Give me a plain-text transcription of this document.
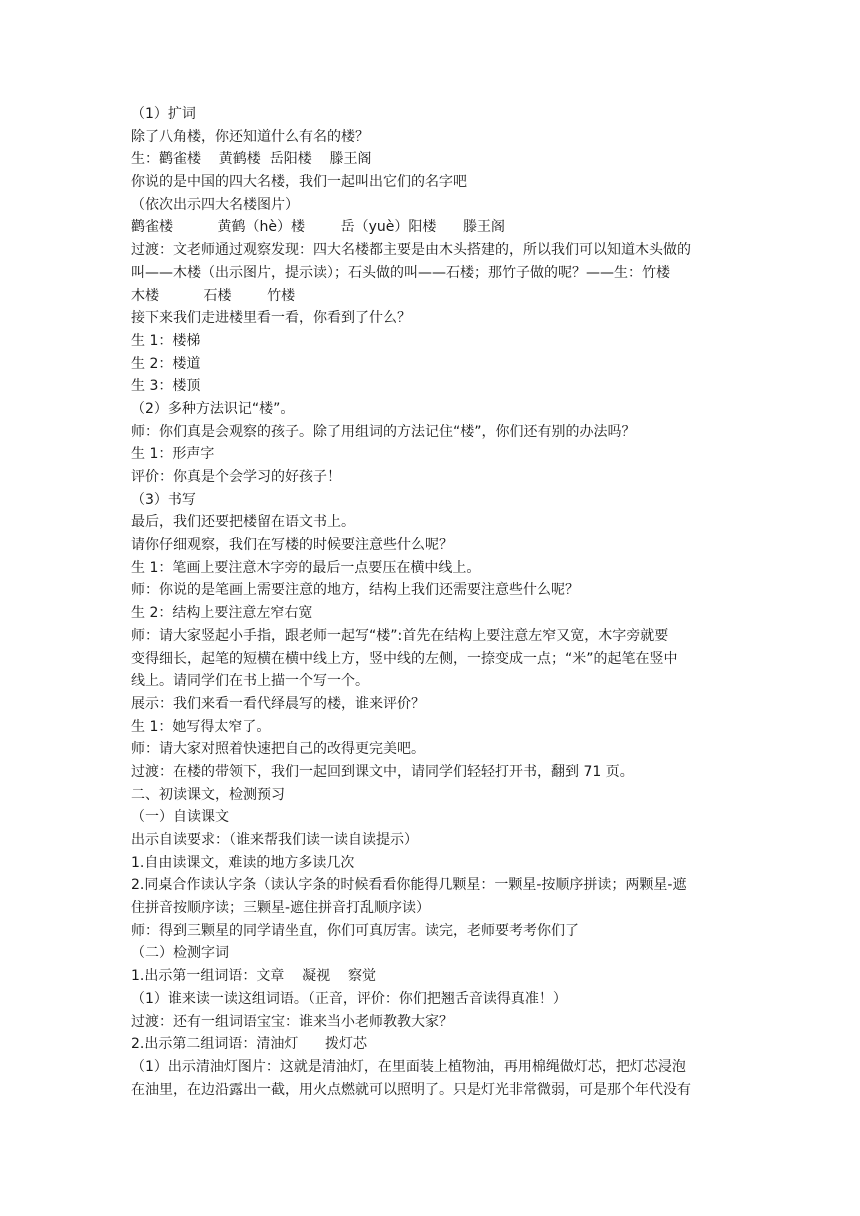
（1）扩词
除了八角楼，你还知道什么有名的楼？
生：鹳雀楼    黄鹤楼  岳阳楼    滕王阁
你说的是中国的四大名楼，我们一起叫出它们的名字吧
（依次出示四大名楼图片）
鹳雀楼          黄鹤（hè）楼        岳（yuè）阳楼      滕王阁
过渡：文老师通过观察发现：四大名楼都主要是由木头搭建的，所以我们可以知道木头做的
叫——木楼（出示图片，提示读）；石头做的叫——石楼；那竹子做的呢？——生：竹楼
木楼          石楼        竹楼
接下来我们走进楼里看一看，你看到了什么？
生 1：楼梯
生 2：楼道
生 3：楼顶
（2）多种方法识记“楼”。
师：你们真是会观察的孩子。除了用组词的方法记住“楼”，你们还有别的办法吗？
生 1：形声字
评价：你真是个会学习的好孩子！
（3）书写
最后，我们还要把楼留在语文书上。
请你仔细观察，我们在写楼的时候要注意些什么呢？
生 1：笔画上要注意木字旁的最后一点要压在横中线上。
师：你说的是笔画上需要注意的地方，结构上我们还需要注意些什么呢？
生 2：结构上要注意左窄右宽
师：请大家竖起小手指，跟老师一起写“楼”:首先在结构上要注意左窄又宽，木字旁就要
变得细长，起笔的短横在横中线上方，竖中线的左侧，一捺变成一点；“米”的起笔在竖中
线上。请同学们在书上描一个写一个。
展示：我们来看一看代绎晨写的楼，谁来评价？
生 1：她写得太窄了。
师：请大家对照着快速把自己的改得更完美吧。
过渡：在楼的带领下，我们一起回到课文中，请同学们轻轻打开书，翻到 71 页。
二、初读课文，检测预习
（一）自读课文
出示自读要求：（谁来帮我们读一读自读提示）
1.自由读课文，难读的地方多读几次
2.同桌合作读认字条（读认字条的时候看看你能得几颗星：一颗星-按顺序拼读；两颗星-遮
住拼音按顺序读；三颗星-遮住拼音打乱顺序读）
师：得到三颗星的同学请坐直，你们可真厉害。读完，老师要考考你们了
（二）检测字词
1.出示第一组词语：文章    凝视    察觉
（1）谁来读一读这组词语。（正音，评价：你们把翘舌音读得真准！）
过渡：还有一组词语宝宝：谁来当小老师教教大家？
2.出示第二组词语：清油灯      拨灯芯
（1）出示清油灯图片：这就是清油灯，在里面装上植物油，再用棉绳做灯芯，把灯芯浸泡
在油里，在边沿露出一截，用火点燃就可以照明了。只是灯光非常微弱，可是那个年代没有
